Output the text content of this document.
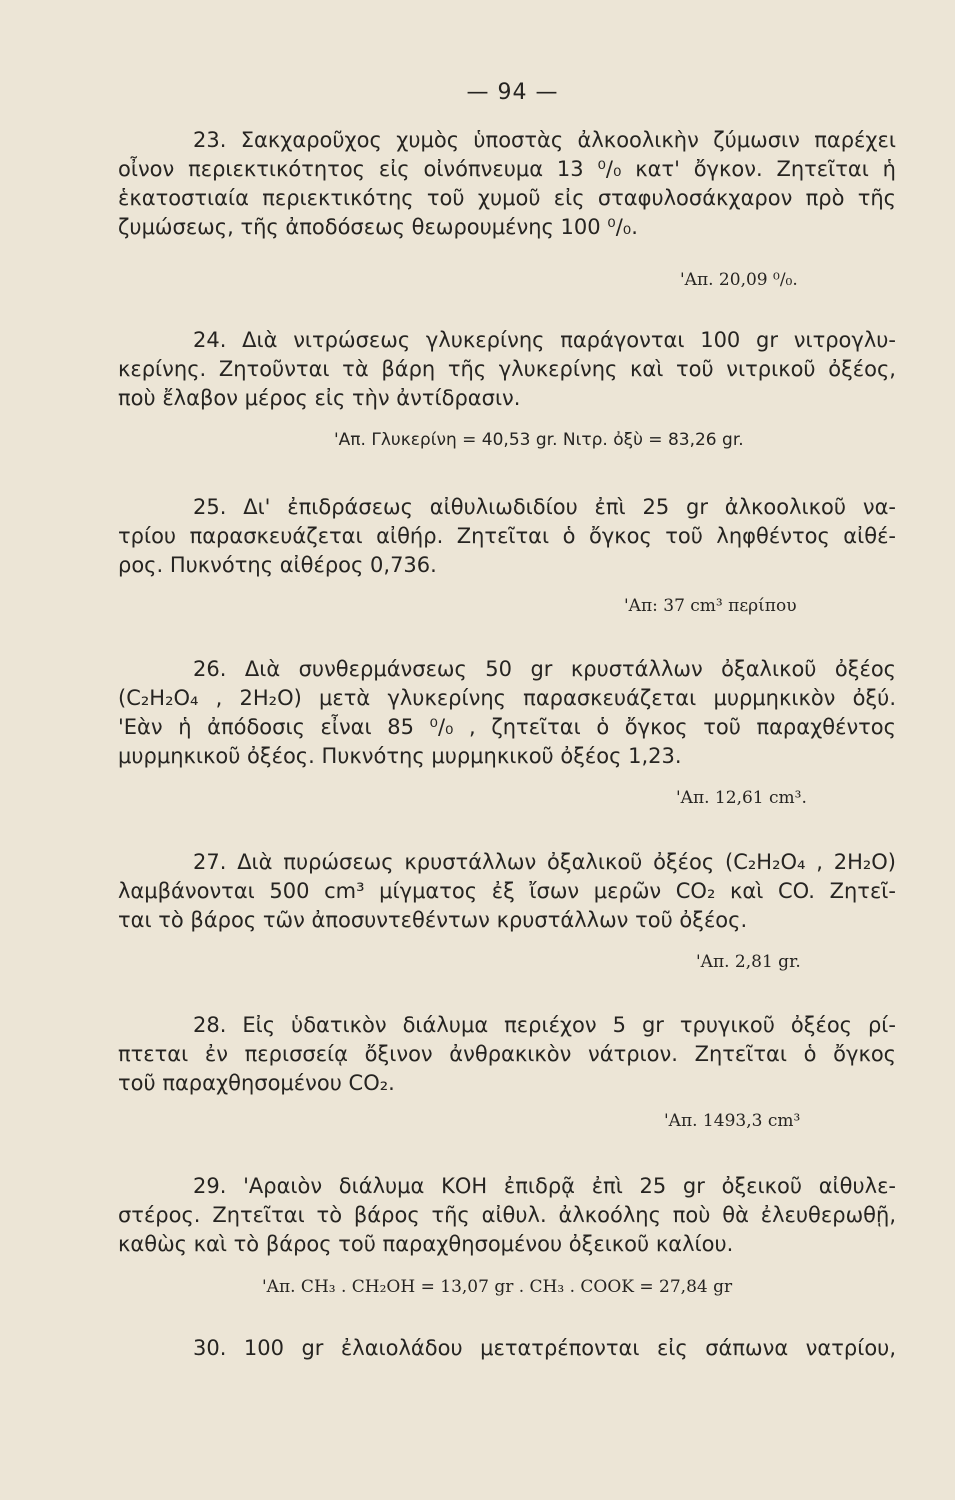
— 94 —
23. Σακχαροῦχος χυμὸς ὑποστὰς ἀλκοολικὴν ζύμωσιν παρέχει
οἶνον περιεκτικότητος εἰς οἰνόπνευμα 13 ⁰/₀ κατ' ὄγκον. Ζητεῖται ἡ
ἑκατοστιαία περιεκτικότης τοῦ χυμοῦ εἰς σταφυλοσάκχαρον πρὸ τῆς
ζυμώσεως, τῆς ἀποδόσεως θεωρουμένης 100 ⁰/₀.
'Απ. 20,09 ⁰/₀.
24. Διὰ νιτρώσεως γλυκερίνης παράγονται 100 gr νιτρογλυ-
κερίνης. Ζητοῦνται τὰ βάρη τῆς γλυκερίνης καὶ τοῦ νιτρικοῦ ὀξέος,
ποὺ ἔλαβον μέρος εἰς τὴν ἀντίδρασιν.
'Απ. Γλυκερίνη = 40,53 gr. Νιτρ. ὀξὺ = 83,26 gr.
25. Δι' ἐπιδράσεως αἰθυλιωδιδίου ἐπὶ 25 gr ἀλκοολικοῦ να-
τρίου παρασκευάζεται αἰθήρ. Ζητεῖται ὁ ὄγκος τοῦ ληφθέντος αἰθέ-
ρος. Πυκνότης αἰθέρος 0,736.
'Απ: 37 cm³ περίπου
26. Διὰ συνθερμάνσεως 50 gr κρυστάλλων ὀξαλικοῦ ὀξέος
(C₂H₂O₄ , 2H₂O) μετὰ γλυκερίνης παρασκευάζεται μυρμηκικὸν ὀξύ.
'Εὰν ἡ ἀπόδοσις εἶναι 85 ⁰/₀ , ζητεῖται ὁ ὄγκος τοῦ παραχθέντος
μυρμηκικοῦ ὀξέος. Πυκνότης μυρμηκικοῦ ὀξέος 1,23.
'Απ. 12,61 cm³.
27. Διὰ πυρώσεως κρυστάλλων ὀξαλικοῦ ὀξέος (C₂H₂O₄ , 2H₂O)
λαμβάνονται 500 cm³ μίγματος ἐξ ἴσων μερῶν CO₂ καὶ CO. Ζητεῖ-
ται τὸ βάρος τῶν ἀποσυντεθέντων κρυστάλλων τοῦ ὀξέος.
'Απ. 2,81 gr.
28. Εἰς ὑδατικὸν διάλυμα περιέχον 5 gr τρυγικοῦ ὀξέος ρί-
πτεται ἐν περισσείᾳ ὄξινον ἀνθρακικὸν νάτριον. Ζητεῖται ὁ ὄγκος
τοῦ παραχθησομένου CO₂.
'Απ. 1493,3 cm³
29. 'Αραιὸν διάλυμα ΚΟΗ ἐπιδρᾷ ἐπὶ 25 gr ὀξεικοῦ αἰθυλε-
στέρος. Ζητεῖται τὸ βάρος τῆς αἰθυλ. ἀλκοόλης ποὺ θὰ ἐλευθερωθῇ,
καθὼς καὶ τὸ βάρος τοῦ παραχθησομένου ὀξεικοῦ καλίου.
'Απ. CH₃ . CH₂OH = 13,07 gr . CH₃ . COOK = 27,84 gr
30. 100 gr ἐλαιολάδου μετατρέπονται εἰς σάπωνα νατρίου,
